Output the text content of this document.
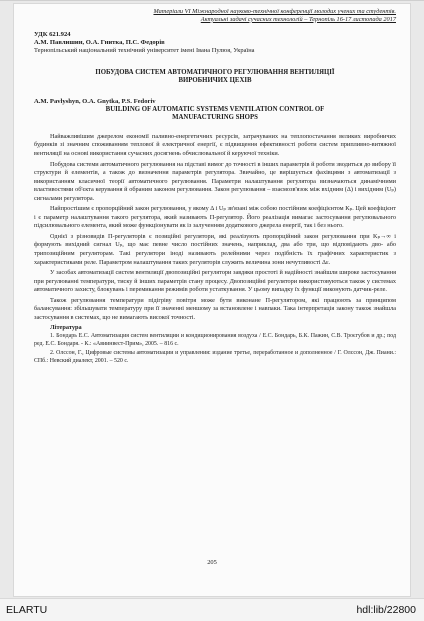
Матеріали VI Міжнародної науково-технічної конференції молодих учених та студентів.
Актуальні задачі сучасних технологій – Тернопіль 16-17 листопада 2017
УДК 621.924
А.М. Павлишин, О.А. Гнитка, П.С. Федорів
Тернопільський національний технічний університет імені Івана Пулюя, Україна
ПОБУДОВА СИСТЕМ АВТОМАТИЧНОГО РЕГУЛЮВАННЯ ВЕНТИЛЯЦІЇ ВИРОБНИЧИХ ЦЕХІВ
A.M. Pavlyshyn, O.A. Gnytka, P.S. Fedoriv
BUILDING OF AUTOMATIC SYSTEMS VENTILATION CONTROL OF MANUFACTURING SHOPS

Найважливішим джерелом економії паливно-енергетичних ресурсів, затрачуваних на теплопостачання великих виробничих будинків зі значним споживанням теплової й електричної енергії, є підвищення ефективності роботи систем припливно-витяжної вентиляції на основі використання сучасних досягнень обчислювальної й керуючої техніки.

Побудова системи автоматичного регулювання на підставі вимог до точності в інших параметрів й роботи зводиться до вибору її структури й елементів, а також до визначення параметрів регулятора. Звичайно, це вирішується фахівцями з автоматизації з використанням класичної теорії автоматичного регулювання. Параметри налаштування регулятора визначаються динамічними властивостями об'єкта керування й обраним законом регулювання. Закон регулювання – взаємозв'язок між вхідним (Δ) і вихідним (Uₚ) сигналами регулятора.

Найпростішим є пропорційний закон регулювання, у якому Δ і Uₚ зв'язані між собою постійним коефіцієнтом Kₚ. Цей коефіцієнт і є параметр налаштування такого регулятора, який називають П-регулятор. Його реалізація вимагає застосування регулювального підсилювального елемента, який може функціонувати як із залученням додаткового джерела енергії, так і без нього.

Однієї з різновидів П-регуляторів є позиційні регулятори, які реалізують пропорційний закон регулювання при Kₚ→∞ і формують вихідний сигнал Uₚ, що має певне число постійних значень, наприклад, два або три, що відповідають дво- або трипозиційним регуляторам. Такі регулятори іноді називають релейними через подібність їх графічних характеристик з характеристиками реле. Параметром налаштування таких регуляторів служить величина зони нечутливості Δε.

У засобах автоматизації систем вентиляції двопозиційні регулятори завдяки простоті й надійності знайшли широке застосування при регулюванні температури, тиску й інших параметрів стану процесу. Двопозиційні регулятори використовуються також у системах автоматичного захисту, блокувань і перемикання режимів роботи устаткування. У цьому випадку їх функції виконують датчик-реле.

Також регулювання температури підігріву повітря може бути виконане П-регулятором, які працюють за принципом балансування: збільшувати температуру при її значенні меншому за встановлене і навпаки. Така інтерпретація закону також знайшла застосування в системах, що не вимагають високої точності.

Література

1. Бондарь Е.С. Автоматизация систем вентиляции и кондиционирования воздуха / Е.С. Бондарь, Б.К. Пажин, С.В. Троєгубов и др.; под ред. Е.С. Бондаря. - К.: «Авиинвест-Прим», 2005. – 816 с.

2. Олссон, Г., Цифровые системы автоматизации и управления: издание третье, переработанное и дополненное / Г. Олссон, Дж. Пиани.: СПб.: Невский диалект, 2001. – 520 с.

205
ELARTU	hdl:lib/22800
